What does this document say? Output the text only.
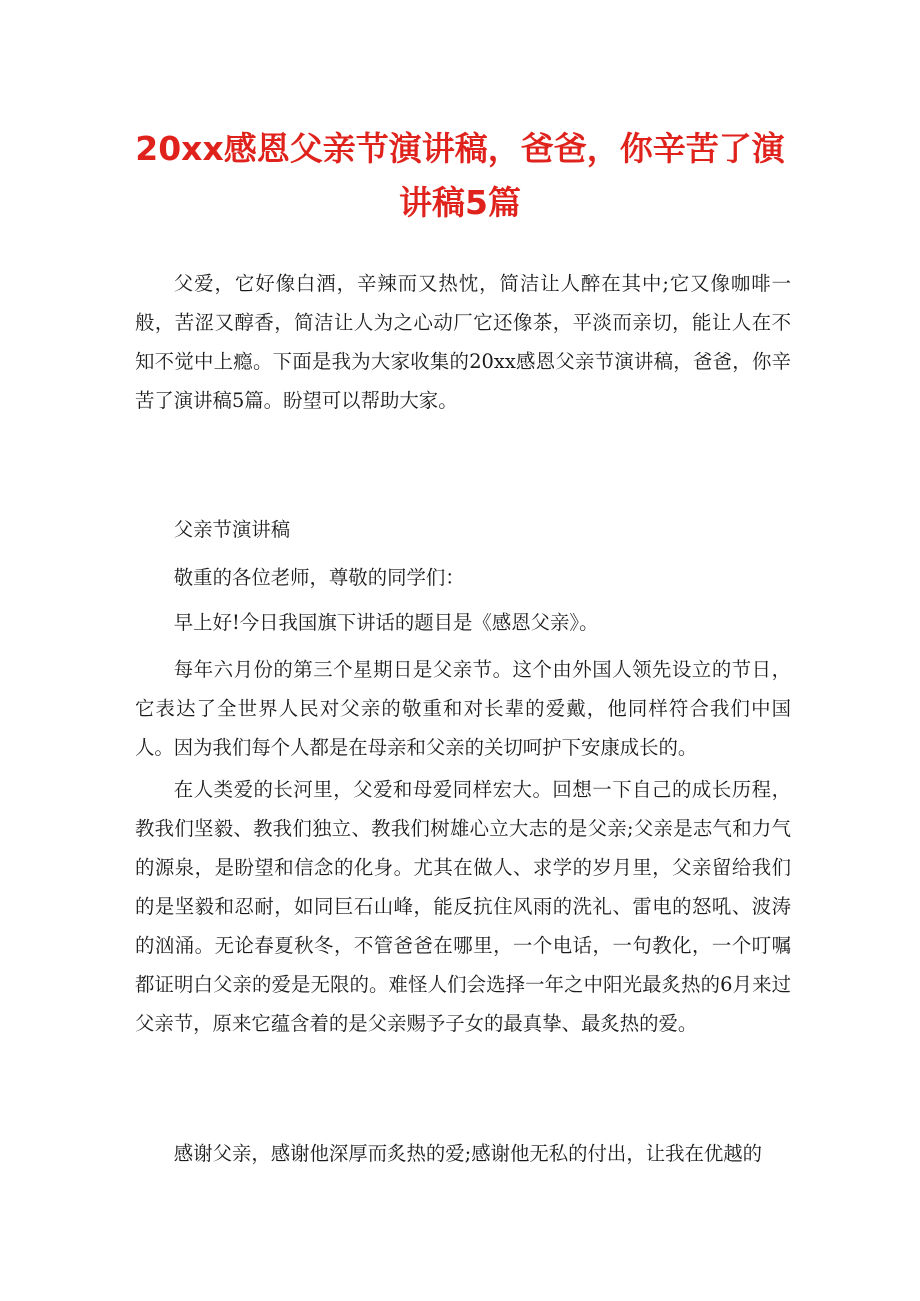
20xx感恩父亲节演讲稿，爸爸，你辛苦了演讲稿5篇

父爱，它好像白酒，辛辣而又热忱，简洁让人醉在其中;它又像咖啡一般，苦涩又醇香，简洁让人为之心动厂它还像茶，平淡而亲切，能让人在不知不觉中上瘾。下面是我为大家收集的20xx感恩父亲节演讲稿，爸爸，你辛苦了演讲稿5篇。盼望可以帮助大家。

父亲节演讲稿

敬重的各位老师，尊敬的同学们：

早上好!今日我国旗下讲话的题目是《感恩父亲》。

每年六月份的第三个星期日是父亲节。这个由外国人领先设立的节日，它表达了全世界人民对父亲的敬重和对长辈的爱戴，他同样符合我们中国人。因为我们每个人都是在母亲和父亲的关切呵护下安康成长的。

在人类爱的长河里，父爱和母爱同样宏大。回想一下自己的成长历程，教我们坚毅、教我们独立、教我们树雄心立大志的是父亲;父亲是志气和力气的源泉，是盼望和信念的化身。尤其在做人、求学的岁月里，父亲留给我们的是坚毅和忍耐，如同巨石山峰，能反抗住风雨的洗礼、雷电的怒吼、波涛的汹涌。无论春夏秋冬，不管爸爸在哪里，一个电话，一句教化，一个叮嘱都证明白父亲的爱是无限的。难怪人们会选择一年之中阳光最炙热的6月来过父亲节，原来它蕴含着的是父亲赐予子女的最真挚、最炙热的爱。

感谢父亲，感谢他深厚而炙热的爱;感谢他无私的付出，让我在优越的
